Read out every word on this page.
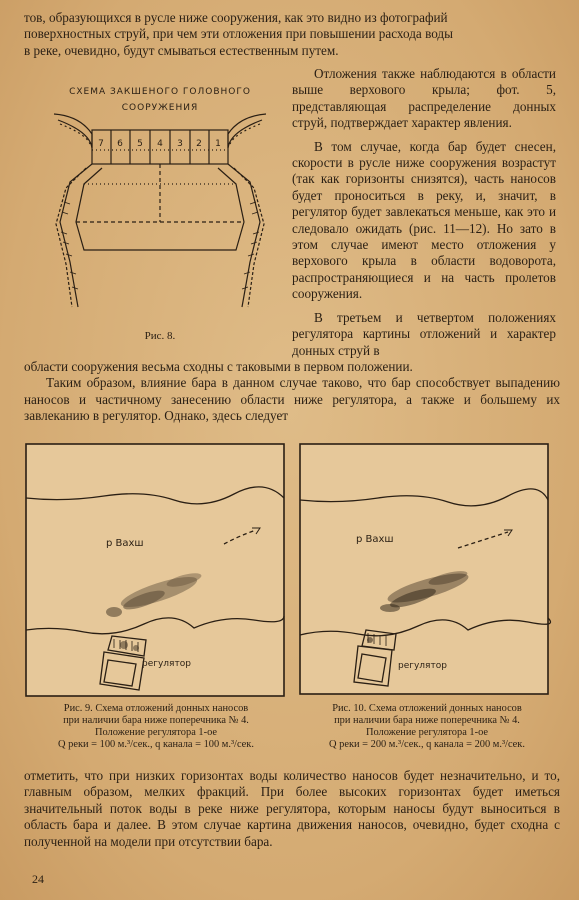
тов, образующихся в русле ниже сооружения, как это видно из фотографий

поверхностных струй, при чем эти отложения при повышении расхода воды

в реке, очевидно, будут смываться естественным путем.

СХЕМА ЗАКШЕНОГО ГОЛОВНОГО
СООРУЖЕНИЯ
7 6 5 4 3 2 1
Рис. 8.

Отложения также наблюдаются в области выше верхового крыла; фот. 5, представляющая распределение донных струй, подтверждает характер явления.

В том случае, когда бар будет снесен, скорости в русле ниже сооружения возрастут (так как горизонты снизятся), часть наносов будет проноситься в реку, и, значит, в регулятор будет завлекаться меньше, как это и следовало ожидать (рис. 11—12). Но зато в этом случае имеют место отложения у верхового крыла в области водоворота, распространяющиеся и на часть пролетов сооружения.

В третьем и четвертом положениях регулятора картины отложений и характер донных струй в

области сооружения весьма сходны с таковыми в первом положении.

Таким образом, влияние бара в данном случае таково, что бар способствует выпадению наносов и частичному занесению области ниже регулятора, а также и большему их завлеканию в регулятор. Однако, здесь следует

р Вахш
регулятор

Рис. 9. Схема отложений донных наносов

при наличии бара ниже поперечника № 4.

Положение регулятора 1-ое

Q реки = 100 м.³/сек., q канала = 100 м.³/сек.

р Вахш
регулятор

Рис. 10. Схема отложений донных наносов

при наличии бара ниже поперечника № 4.

Положение регулятора 1-ое

Q реки = 200 м.³/сек., q канала = 200 м.³/сек.

отметить, что при низких горизонтах воды количество наносов будет незначительно, и то, главным образом, мелких фракций. При более высоких горизонтах будет иметься значительный поток воды в реке ниже регулятора, которым наносы будут выноситься в область бара и далее. В этом случае картина движения наносов, очевидно, будет сходна с полученной на модели при отсутствии бара.

24
